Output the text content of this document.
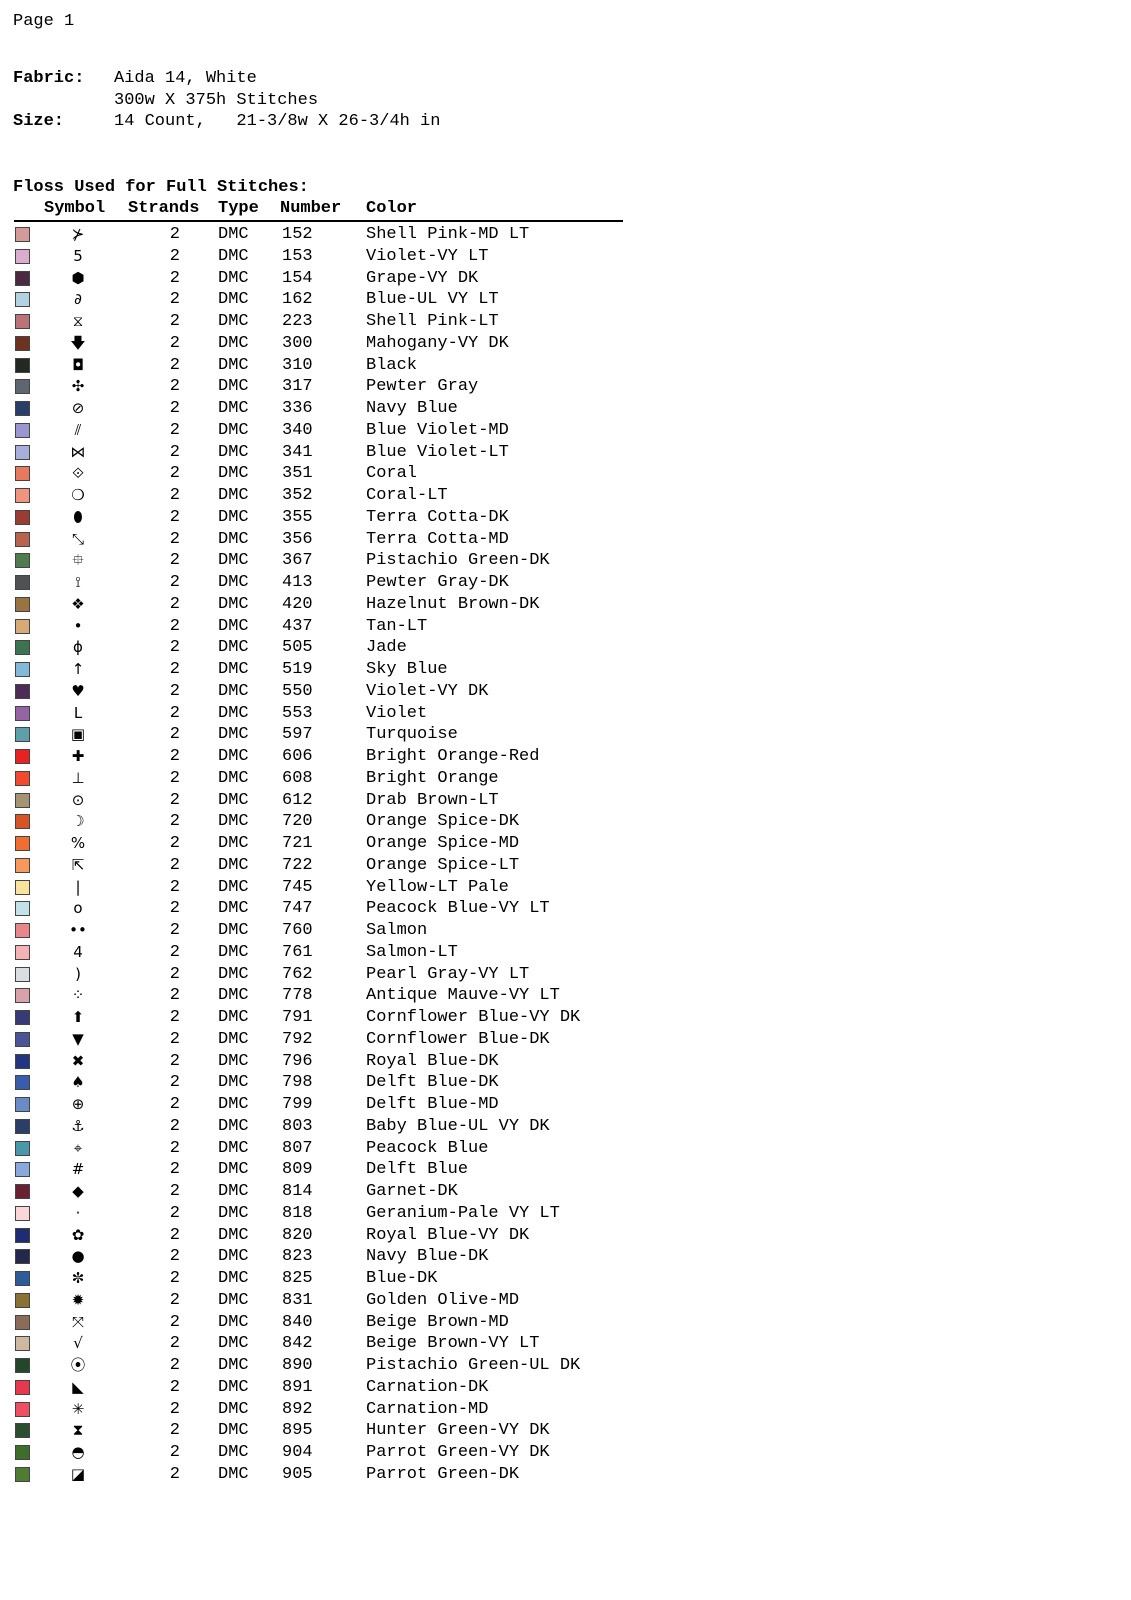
Page 1
Fabric: Aida 14, White
300w X 375h Stitches
Size:	14 Count,   21-3/8w X 26-3/4h in
Floss Used for Full Stitches:
Symbol Strands Type Number Color
⊁	2 DMC 152	Shell Pink-MD LT
5	2 DMC 153	Violet-VY LT
⬢	2 DMC 154	Grape-VY DK
∂	2 DMC 162	Blue-UL VY LT
⧖	2 DMC 223	Shell Pink-LT
🡇	2 DMC 300	Mahogany-VY DK
◘	2 DMC 310	Black
✣	2 DMC 317	Pewter Gray
⊘	2 DMC 336	Navy Blue
⫽	2 DMC 340	Blue Violet-MD
⋈	2 DMC 341	Blue Violet-LT
⟐	2 DMC 351	Coral
❍	2 DMC 352	Coral-LT
⬮	2 DMC 355	Terra Cotta-DK
⤡	2 DMC 356	Terra Cotta-MD
⯐	2 DMC 367	Pistachio Green-DK
⟟	2 DMC 413	Pewter Gray-DK
❖	2 DMC 420	Hazelnut Brown-DK
•	2 DMC 437	Tan-LT
ɸ	2 DMC 505	Jade
↑	2 DMC 519	Sky Blue
♥	2 DMC 550	Violet-VY DK
L	2 DMC 553	Violet
▣	2 DMC 597	Turquoise
✚	2 DMC 606	Bright Orange-Red
⊥	2 DMC 608	Bright Orange
⊙	2 DMC 612	Drab Brown-LT
☽	2 DMC 720	Orange Spice-DK
%	2 DMC 721	Orange Spice-MD
⇱	2 DMC 722	Orange Spice-LT
|	2 DMC 745	Yellow-LT Pale
o	2 DMC 747	Peacock Blue-VY LT
••	2 DMC 760	Salmon
4	2 DMC 761	Salmon-LT
)	2 DMC 762	Pearl Gray-VY LT
⁘	2 DMC 778	Antique Mauve-VY LT
⬆	2 DMC 791	Cornflower Blue-VY DK
▼	2 DMC 792	Cornflower Blue-DK
✖	2 DMC 796	Royal Blue-DK
♠	2 DMC 798	Delft Blue-DK
⊕	2 DMC 799	Delft Blue-MD
⚓	2 DMC 803	Baby Blue-UL VY DK
⌖	2 DMC 807	Peacock Blue
#	2 DMC 809	Delft Blue
◆	2 DMC 814	Garnet-DK
·	2 DMC 818	Geranium-Pale VY LT
✿	2 DMC 820	Royal Blue-VY DK
●	2 DMC 823	Navy Blue-DK
✼	2 DMC 825	Blue-DK
✹	2 DMC 831	Golden Olive-MD
⤧	2 DMC 840	Beige Brown-MD
√	2 DMC 842	Beige Brown-VY LT
⦿	2 DMC 890	Pistachio Green-UL DK
◣	2 DMC 891	Carnation-DK
✳	2 DMC 892	Carnation-MD
⧗	2 DMC 895	Hunter Green-VY DK
◓	2 DMC 904	Parrot Green-VY DK
◪	2 DMC 905	Parrot Green-DK
